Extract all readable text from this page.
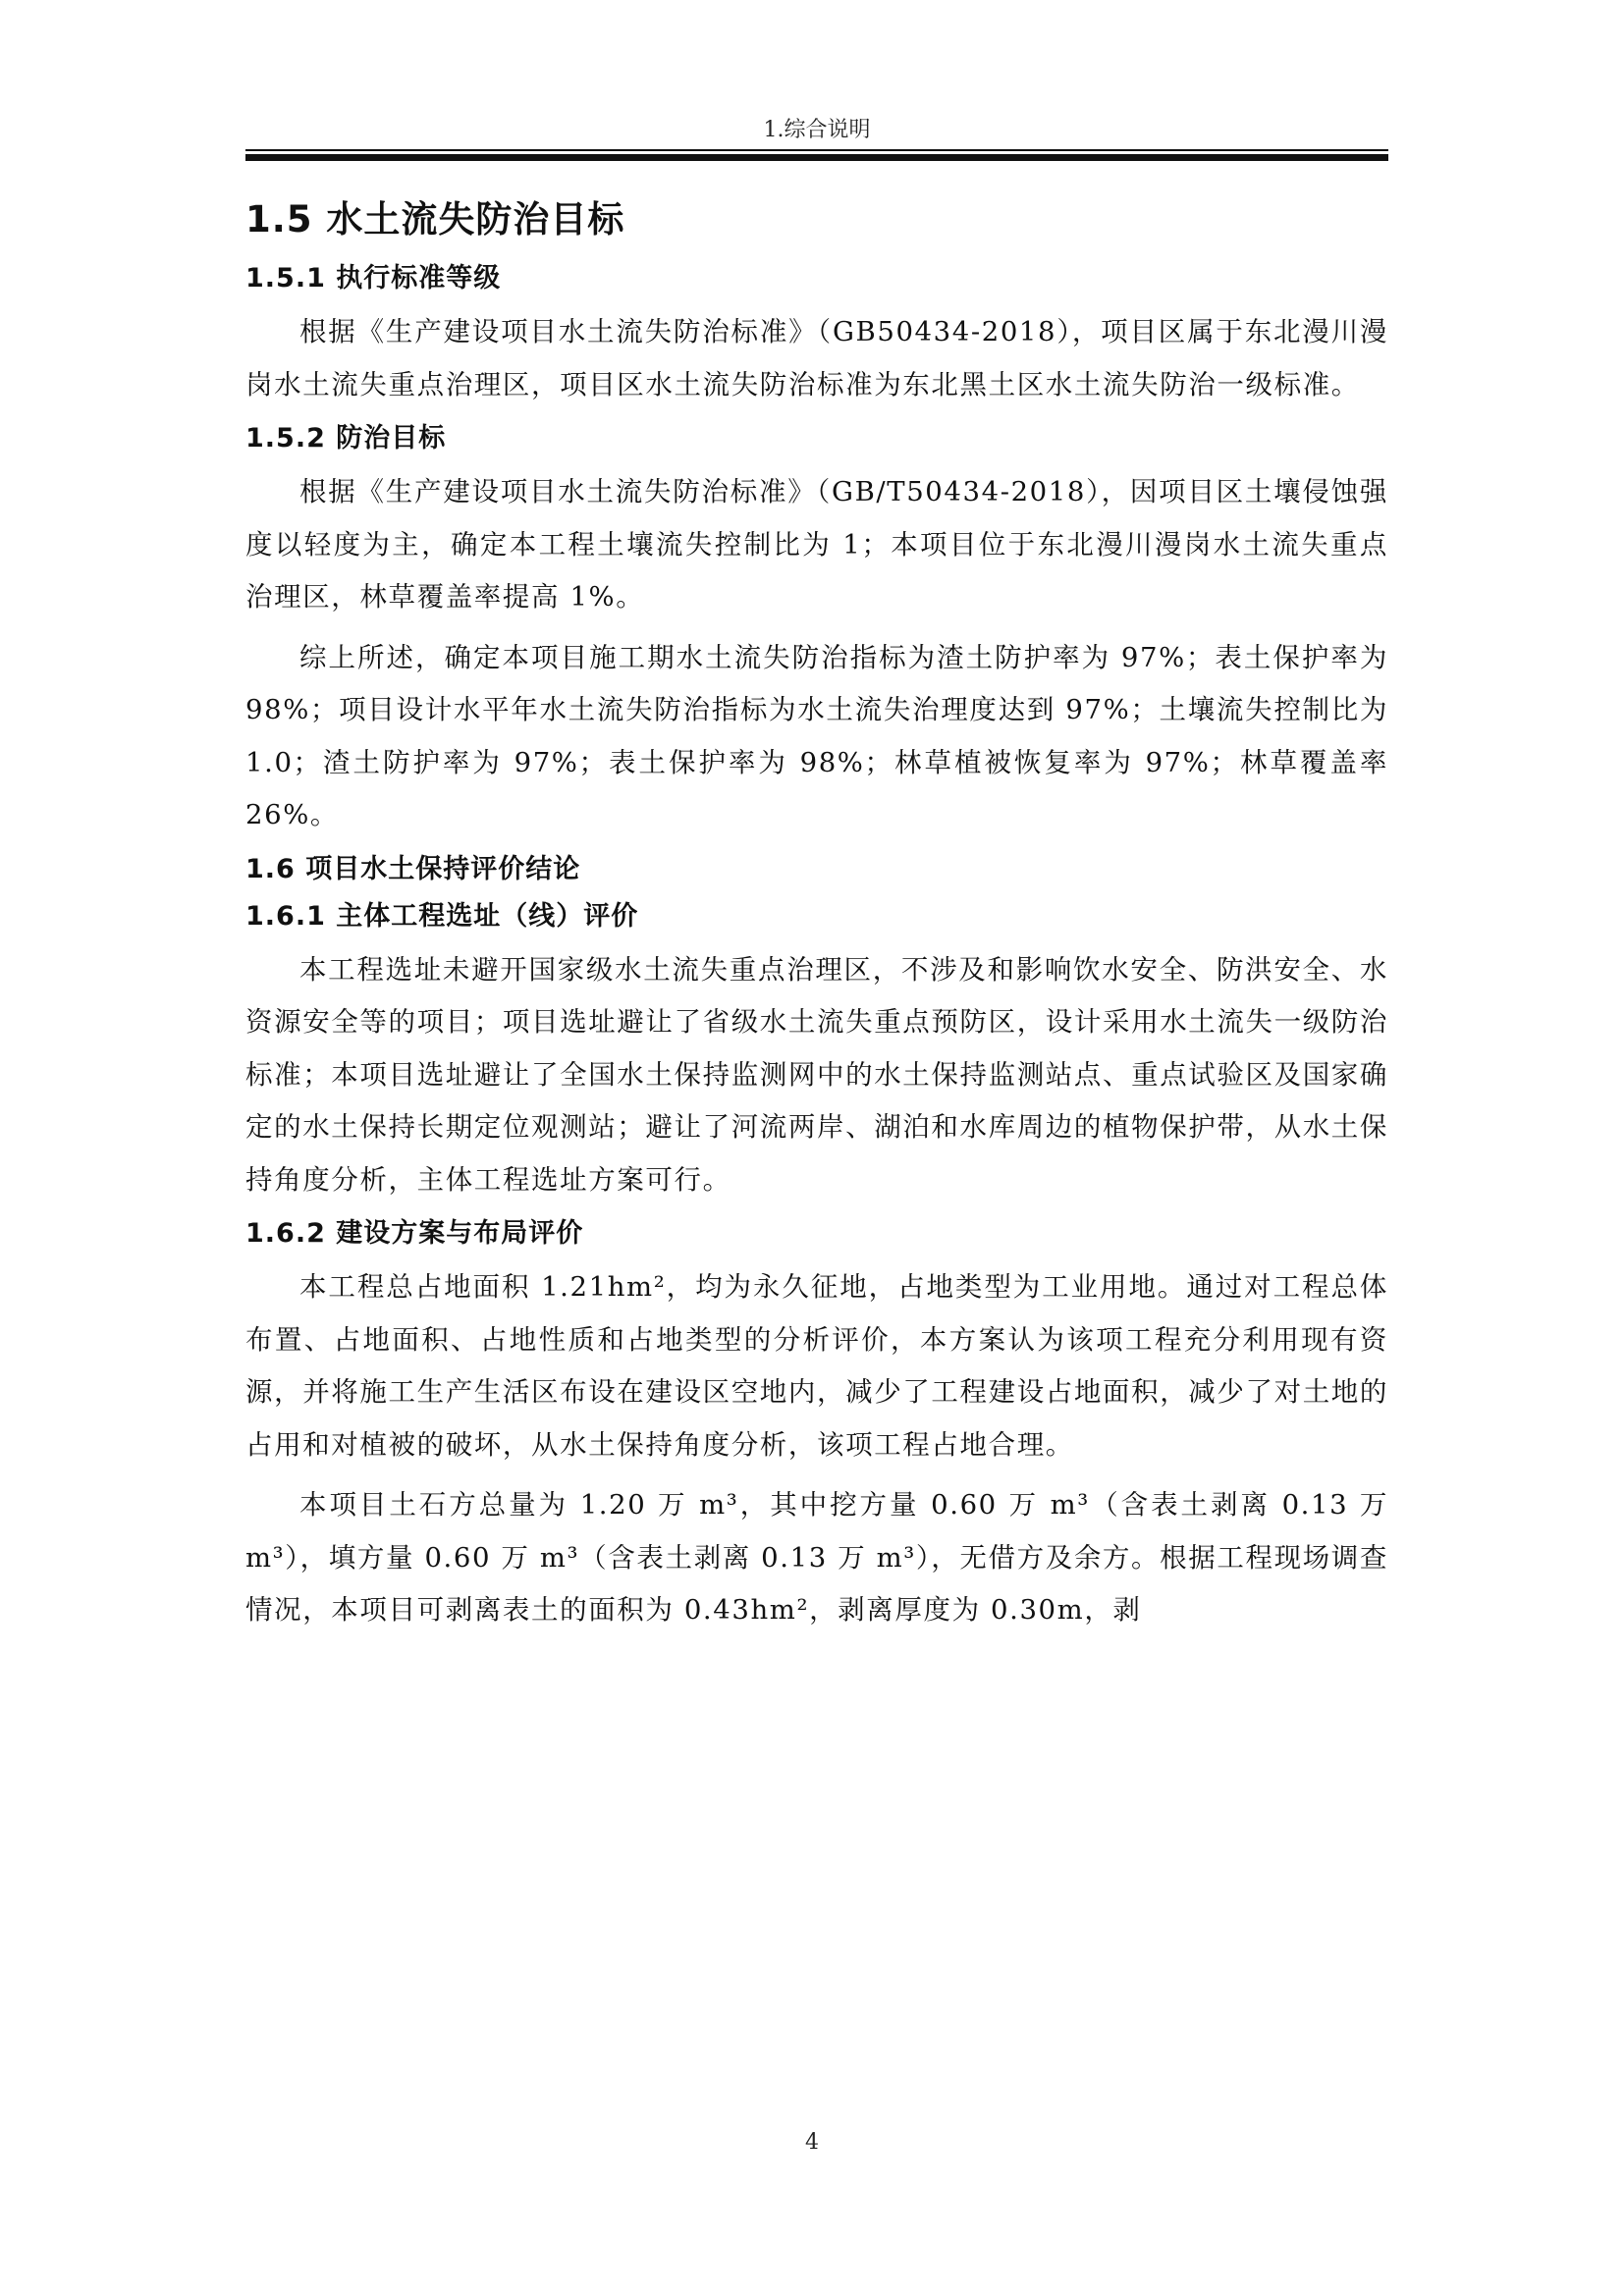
1.综合说明
1.5 水土流失防治目标
1.5.1 执行标准等级

根据《生产建设项目水土流失防治标准》（GB50434-2018），项目区属于东北漫川漫岗水土流失重点治理区，项目区水土流失防治标准为东北黑土区水土流失防治一级标准。

1.5.2 防治目标

根据《生产建设项目水土流失防治标准》（GB/T50434-2018），因项目区土壤侵蚀强度以轻度为主，确定本工程土壤流失控制比为 1；本项目位于东北漫川漫岗水土流失重点治理区，林草覆盖率提高 1%。

综上所述，确定本项目施工期水土流失防治指标为渣土防护率为 97%；表土保护率为 98%；项目设计水平年水土流失防治指标为水土流失治理度达到 97%；土壤流失控制比为 1.0；渣土防护率为 97%；表土保护率为 98%；林草植被恢复率为 97%；林草覆盖率 26%。

1.6 项目水土保持评价结论
1.6.1 主体工程选址（线）评价

本工程选址未避开国家级水土流失重点治理区，不涉及和影响饮水安全、防洪安全、水资源安全等的项目；项目选址避让了省级水土流失重点预防区，设计采用水土流失一级防治标准；本项目选址避让了全国水土保持监测网中的水土保持监测站点、重点试验区及国家确定的水土保持长期定位观测站；避让了河流两岸、湖泊和水库周边的植物保护带，从水土保持角度分析，主体工程选址方案可行。

1.6.2 建设方案与布局评价

本工程总占地面积 1.21hm²，均为永久征地，占地类型为工业用地。通过对工程总体布置、占地面积、占地性质和占地类型的分析评价，本方案认为该项工程充分利用现有资源，并将施工生产生活区布设在建设区空地内，减少了工程建设占地面积，减少了对土地的占用和对植被的破坏，从水土保持角度分析，该项工程占地合理。

本项目土石方总量为 1.20 万 m³，其中挖方量 0.60 万 m³（含表土剥离 0.13 万 m³），填方量 0.60 万 m³（含表土剥离 0.13 万 m³），无借方及余方。根据工程现场调查情况，本项目可剥离表土的面积为 0.43hm²，剥离厚度为 0.30m，剥

4
